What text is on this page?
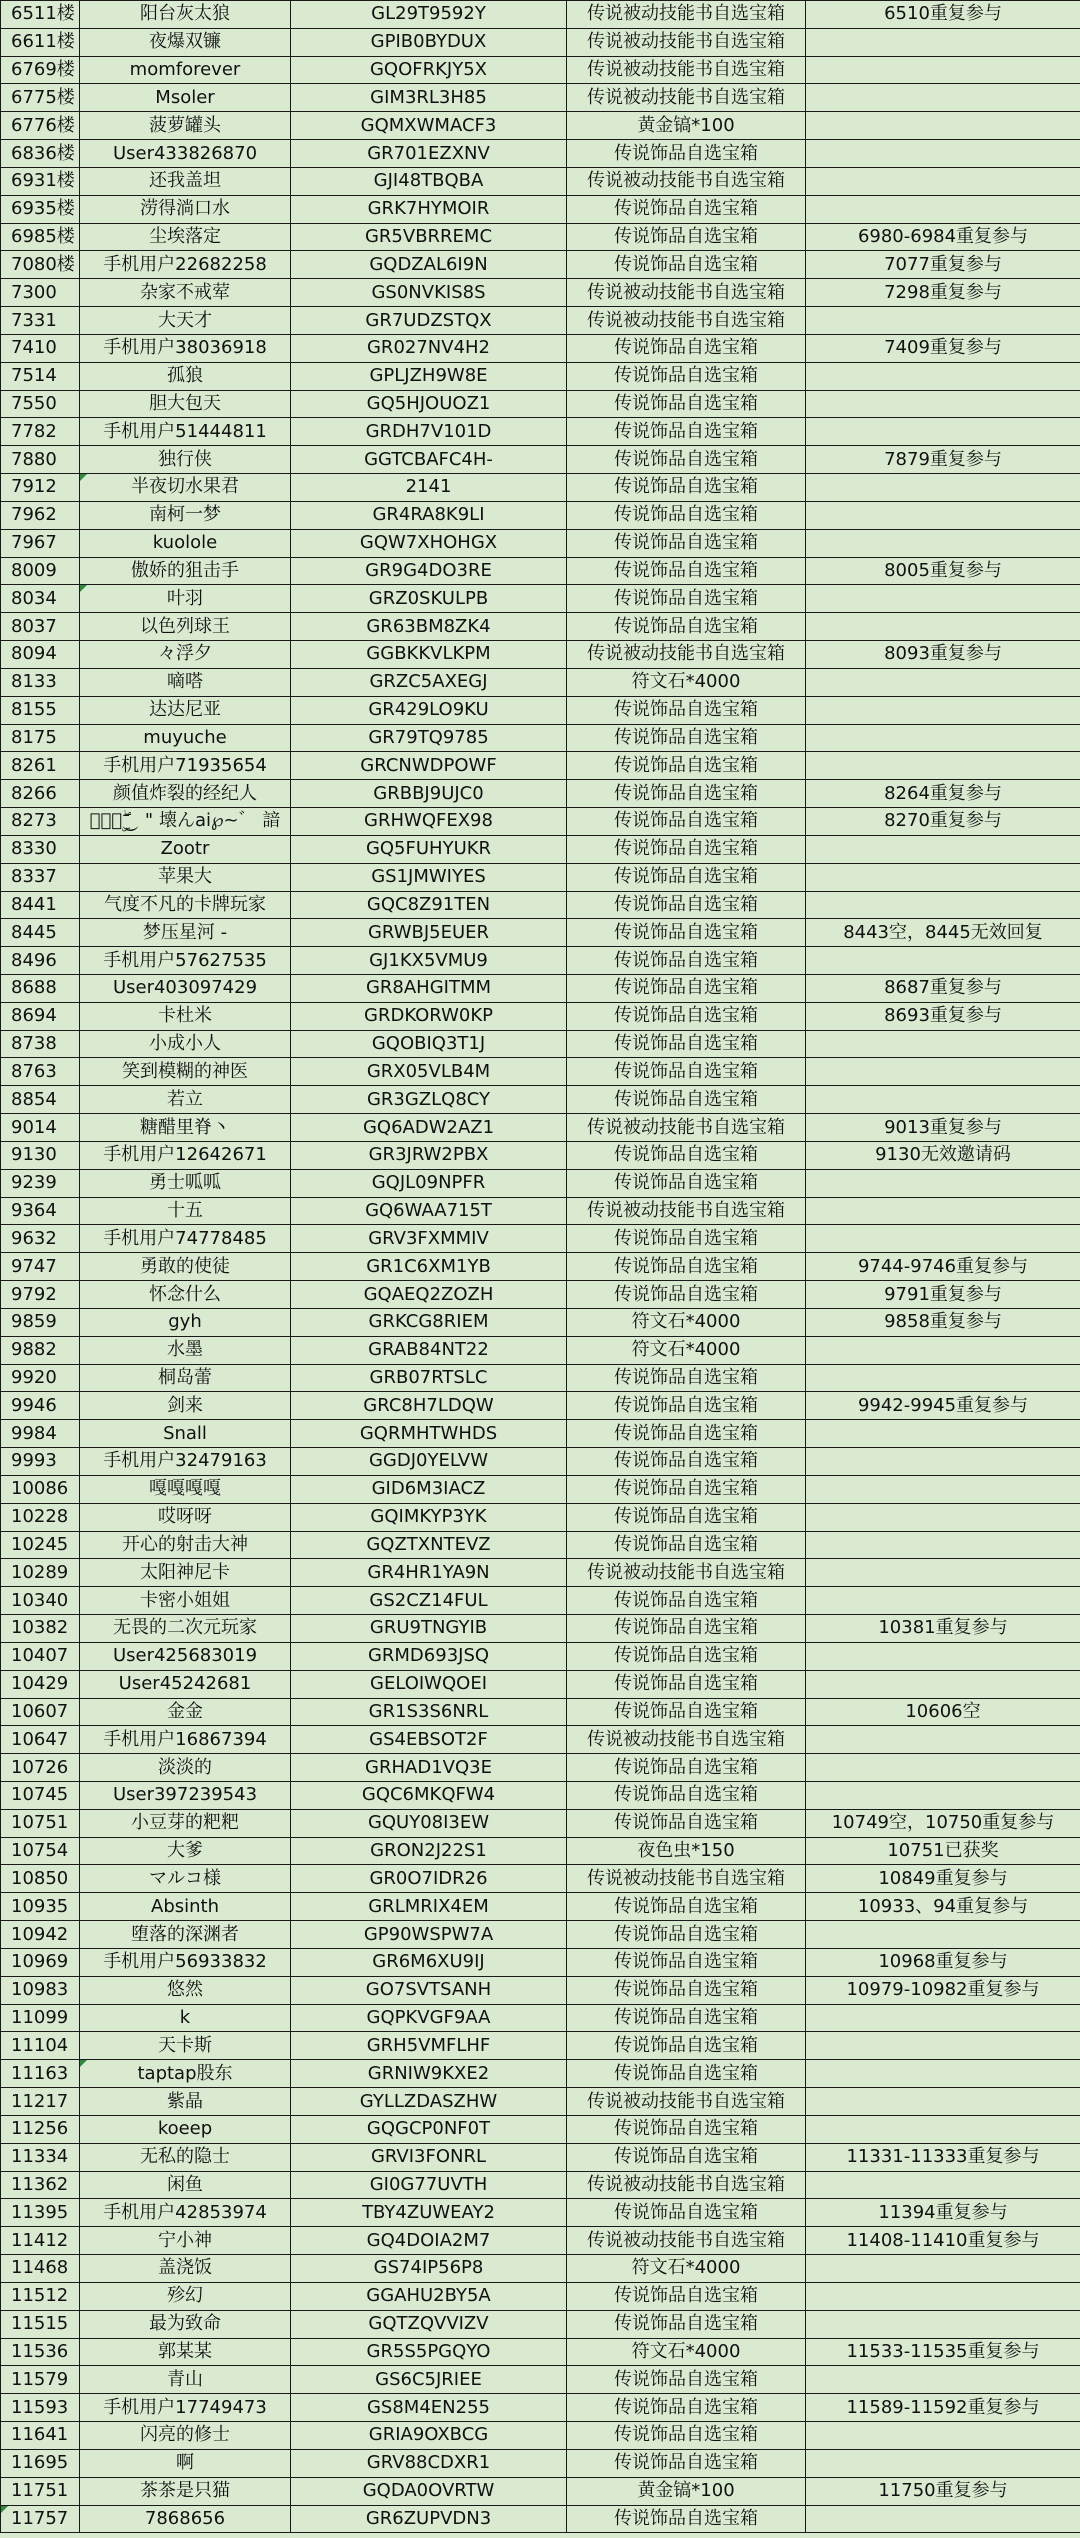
6511楼	阳台灰太狼	GL29T9592Y	传说被动技能书自选宝箱	6510重复参与
6611楼	夜爆双镰	GPIB0BYDUX	传说被动技能书自选宝箱	
6769楼	momforever	GQOFRKJY5X	传说被动技能书自选宝箱	
6775楼	Msoler	GIM3RL3H85	传说被动技能书自选宝箱	
6776楼	菠萝罐头	GQMXWMACF3	黄金镐*100	
6836楼	User433826870	GR701EZXNV	传说饰品自选宝箱	
6931楼	还我盖坦	GJI48TBQBA	传说被动技能书自选宝箱	
6935楼	涝得淌口水	GRK7HYMOIR	传说饰品自选宝箱	
6985楼	尘埃落定	GR5VBRREMC	传说饰品自选宝箱	6980-6984重复参与
7080楼	手机用户22682258	GQDZAL6I9N	传说饰品自选宝箱	7077重复参与
7300	杂家不戒荤	GS0NVKIS8S	传说被动技能书自选宝箱	7298重复参与
7331	大天才	GR7UDZSTQX	传说被动技能书自选宝箱	
7410	手机用户38036918	GR027NV4H2	传说饰品自选宝箱	7409重复参与
7514	孤狼	GPLJZH9W8E	传说饰品自选宝箱	
7550	胆大包天	GQ5HJOUOZ1	传说饰品自选宝箱	
7782	手机用户51444811	GRDH7V101D	传说饰品自选宝箱	
7880	独行侠	GGTCBAFC4H-	传说饰品自选宝箱	7879重复参与
7912	半夜切水果君	2141	传说饰品自选宝箱	
7962	南柯一梦	GR4RA8K9LI	传说饰品自选宝箱	
7967	kuolole	GQW7XHOHGX	传说饰品自选宝箱	
8009	傲娇的狙击手	GR9G4DO3RE	传说饰品自选宝箱	8005重复参与
8034	叶羽	GRZ0SKULPB	传说饰品自选宝箱	
8037	以色列球王	GR63BM8ZK4	传说饰品自选宝箱	
8094	々浮夕	GGBKKVLKPM	传说被动技能书自选宝箱	8093重复参与
8133	嘀嗒	GRZC5AXEGJ	符文石*4000	
8155	达达尼亚	GR429LO9KU	传说饰品自选宝箱	
8175	muyuche	GR79TQ9785	传说饰品自选宝箱	
8261	手机用户71935654	GRCNWDPOWF	传说饰品自选宝箱	
8266	颜值炸裂的经纪人	GRBBJ9UJC0	传说饰品自选宝箱	8264重复参与
8273	︶ۣۖ‿ۣۖ " 壊んai℘~゛ 諳	GRHWQFEX98	传说饰品自选宝箱	8270重复参与
8330	Zootr	GQ5FUHYUKR	传说饰品自选宝箱	
8337	苹果大	GS1JMWIYES	传说饰品自选宝箱	
8441	气度不凡的卡牌玩家	GQC8Z91TEN	传说饰品自选宝箱	
8445	梦压星河 -	GRWBJ5EUER	传说饰品自选宝箱	8443空，8445无效回复
8496	手机用户57627535	GJ1KX5VMU9	传说饰品自选宝箱	
8688	User403097429	GR8AHGITMM	传说饰品自选宝箱	8687重复参与
8694	卡杜米	GRDKORW0KP	传说饰品自选宝箱	8693重复参与
8738	小成小人	GQOBIQ3T1J	传说饰品自选宝箱	
8763	笑到模糊的神医	GRX05VLB4M	传说饰品自选宝箱	
8854	若立	GR3GZLQ8CY	传说饰品自选宝箱	
9014	糖醋里脊丶	GQ6ADW2AZ1	传说被动技能书自选宝箱	9013重复参与
9130	手机用户12642671	GR3JRW2PBX	传说饰品自选宝箱	9130无效邀请码
9239	勇士呱呱	GQJL09NPFR	传说饰品自选宝箱	
9364	十五	GQ6WAA715T	传说被动技能书自选宝箱	
9632	手机用户74778485	GRV3FXMMIV	传说饰品自选宝箱	
9747	勇敢的使徒	GR1C6XM1YB	传说饰品自选宝箱	9744-9746重复参与
9792	怀念什么	GQAEQ2ZOZH	传说饰品自选宝箱	9791重复参与
9859	gyh	GRKCG8RIEM	符文石*4000	9858重复参与
9882	水墨	GRAB84NT22	符文石*4000	
9920	桐岛蕾	GRB07RTSLC	传说饰品自选宝箱	
9946	剑来	GRC8H7LDQW	传说饰品自选宝箱	9942-9945重复参与
9984	Snall	GQRMHTWHDS	传说饰品自选宝箱	
9993	手机用户32479163	GGDJ0YELVW	传说饰品自选宝箱	
10086	嘎嘎嘎嘎	GID6M3IACZ	传说饰品自选宝箱	
10228	哎呀呀	GQIMKYP3YK	传说饰品自选宝箱	
10245	开心的射击大神	GQZTXNTEVZ	传说饰品自选宝箱	
10289	太阳神尼卡	GR4HR1YA9N	传说被动技能书自选宝箱	
10340	卡密小姐姐	GS2CZ14FUL	传说饰品自选宝箱	
10382	无畏的二次元玩家	GRU9TNGYIB	传说饰品自选宝箱	10381重复参与
10407	User425683019	GRMD693JSQ	传说饰品自选宝箱	
10429	User45242681	GELOIWQOEI	传说饰品自选宝箱	
10607	金金	GR1S3S6NRL	传说饰品自选宝箱	10606空
10647	手机用户16867394	GS4EBSOT2F	传说被动技能书自选宝箱	
10726	淡淡的	GRHAD1VQ3E	传说饰品自选宝箱	
10745	User397239543	GQC6MKQFW4	传说饰品自选宝箱	
10751	小豆芽的粑粑	GQUY08I3EW	传说饰品自选宝箱	10749空，10750重复参与
10754	大爹	GRON2J22S1	夜色虫*150	10751已获奖
10850	マルコ様	GR0O7IDR26	传说被动技能书自选宝箱	10849重复参与
10935	Absinth	GRLMRIX4EM	传说饰品自选宝箱	10933、94重复参与
10942	堕落的深渊者	GP90WSPW7A	传说饰品自选宝箱	
10969	手机用户56933832	GR6M6XU9IJ	传说饰品自选宝箱	10968重复参与
10983	悠然	GO7SVTSANH	传说饰品自选宝箱	10979-10982重复参与
11099	k	GQPKVGF9AA	传说饰品自选宝箱	
11104	天卡斯	GRH5VMFLHF	传说饰品自选宝箱	
11163	taptap股东	GRNIW9KXE2	传说饰品自选宝箱	
11217	紫晶	GYLLZDASZHW	传说被动技能书自选宝箱	
11256	koeep	GQGCP0NF0T	传说饰品自选宝箱	
11334	无私的隐士	GRVI3FONRL	传说饰品自选宝箱	11331-11333重复参与
11362	闲鱼	GI0G77UVTH	传说被动技能书自选宝箱	
11395	手机用户42853974	TBY4ZUWEAY2	传说饰品自选宝箱	11394重复参与
11412	宁小神	GQ4DOIA2M7	传说被动技能书自选宝箱	11408-11410重复参与
11468	盖浇饭	GS74IP56P8	符文石*4000	
11512	殄幻	GGAHU2BY5A	传说饰品自选宝箱	
11515	最为致命	GQTZQVVIZV	传说饰品自选宝箱	
11536	郭某某	GR5S5PGQYO	符文石*4000	11533-11535重复参与
11579	青山	GS6C5JRIEE	传说饰品自选宝箱	
11593	手机用户17749473	GS8M4EN255	传说饰品自选宝箱	11589-11592重复参与
11641	闪亮的修士	GRIA9OXBCG	传说饰品自选宝箱	
11695	啊	GRV88CDXR1	传说饰品自选宝箱	
11751	茶茶是只猫	GQDA0OVRTW	黄金镐*100	11750重复参与
11757	7868656	GR6ZUPVDN3	传说饰品自选宝箱	
